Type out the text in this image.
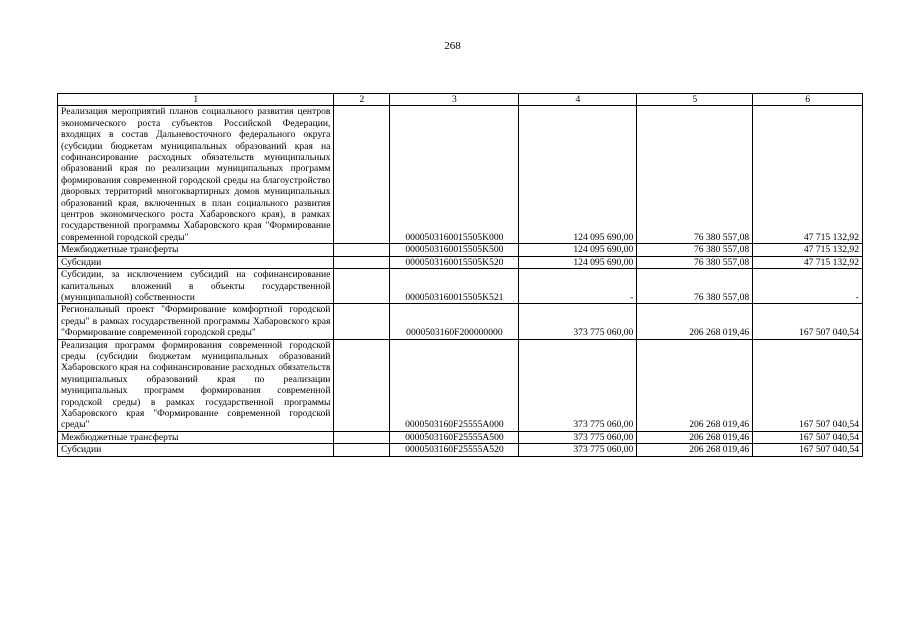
268
1	2	3	4	5	6
Реализация мероприятий планов социального развития центров экономического роста субъектов Российской Федерации, входящих в состав Дальневосточного федерального округа (субсидии бюджетам муниципальных образований края на софинансирование расходных обязательств муниципальных образований края по реализации муниципальных программ формирования современной городской среды на благоустройство дворовых территорий многоквартирных домов муниципальных образований края, включенных в план социального развития центров экономического роста Хабаровского края), в рамках государственной программы Хабаровского края "Формирование современной городской среды"		0000503160015505K000	124 095 690,00	76 380 557,08	47 715 132,92
Межбюджетные трансферты		0000503160015505K500	124 095 690,00	76 380 557,08	47 715 132,92
Субсидии		0000503160015505K520	124 095 690,00	76 380 557,08	47 715 132,92
Субсидии, за исключением субсидий на софинансирование капитальных вложений в объекты государственной (муниципальной) собственности		0000503160015505K521	-	76 380 557,08	-
Региональный проект "Формирование комфортной городской среды" в рамках государственной программы Хабаровского края "Формирование современной городской среды"		0000503160F200000000	373 775 060,00	206 268 019,46	167 507 040,54
Реализация программ формирования современной городской среды (субсидии бюджетам муниципальных образований Хабаровского края на софинансирование расходных обязательств муниципальных образований края по реализации муниципальных программ формирования современной городской среды) в рамках государственной программы Хабаровского края "Формирование современной городской среды"		0000503160F25555A000	373 775 060,00	206 268 019,46	167 507 040,54
Межбюджетные трансферты		0000503160F25555A500	373 775 060,00	206 268 019,46	167 507 040,54
Субсидии		0000503160F25555A520	373 775 060,00	206 268 019,46	167 507 040,54
